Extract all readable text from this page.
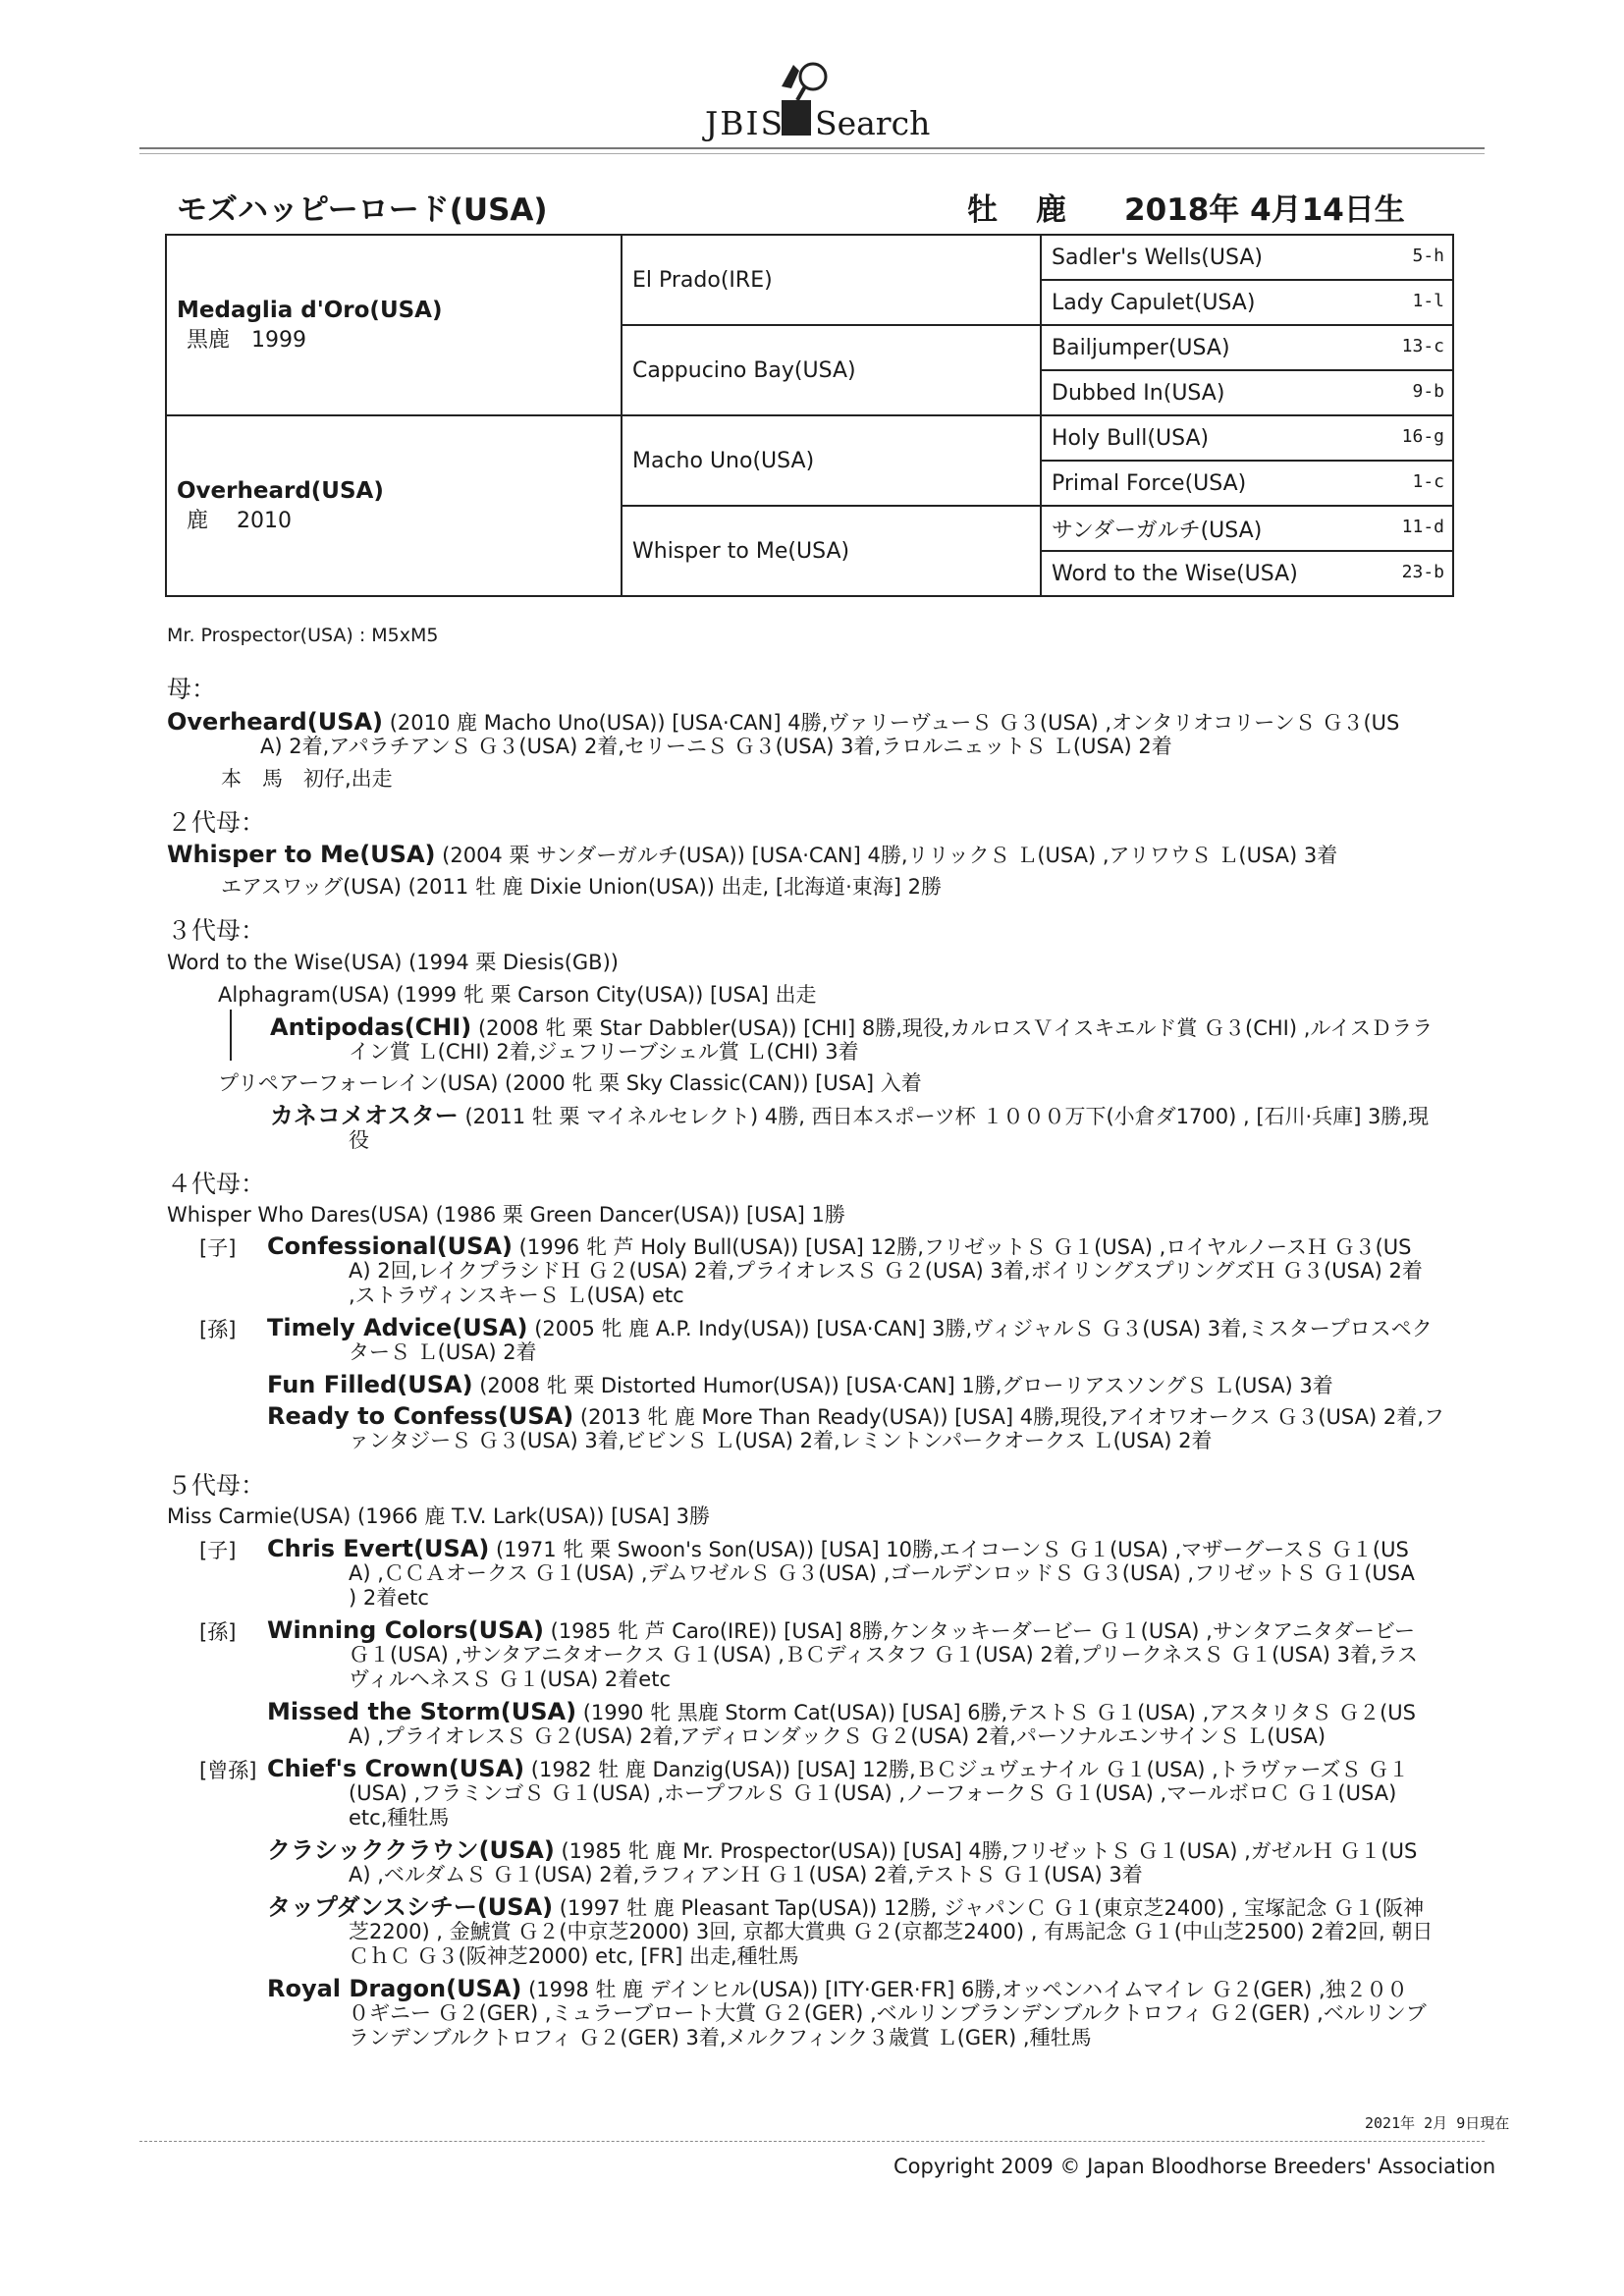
JBIS Search
モズハッピーロード(USA)	牡 鹿 2018年 4月14日生
Medaglia d'Oro(USA)
黒鹿　1999	El Prado(IRE)	Sadler's Wells(USA) 5-h

		Lady Capulet(USA) 1-l

	Cappucino Bay(USA)	Bailjumper(USA) 13-c

		Dubbed In(USA) 9-b

Overheard(USA)
鹿　 2010	Macho Uno(USA)	Holy Bull(USA) 16-g

		Primal Force(USA) 1-c

	Whisper to Me(USA)	サンダーガルチ(USA) 11-d

		Word to the Wise(USA) 23-b
Mr. Prospector(USA) : M5xM5
母：
Overheard(USA) (2010 鹿 Macho Uno(USA)) [USA·CAN] 4勝,ヴァリーヴューＳ Ｇ３(USA) ,オンタリオコリーンＳ Ｇ３(US
A) 2着,アパラチアンＳ Ｇ３(USA) 2着,セリーニＳ Ｇ３(USA) 3着,ラロルニェットＳ Ｌ(USA) 2着
本　馬　初仔,出走
２代母：
Whisper to Me(USA) (2004 栗 サンダーガルチ(USA)) [USA·CAN] 4勝,リリックＳ Ｌ(USA) ,アリワウＳ Ｌ(USA) 3着
エアスワッグ(USA) (2011 牡 鹿 Dixie Union(USA)) 出走, [北海道·東海] 2勝
３代母：
Word to the Wise(USA) (1994 栗 Diesis(GB))
Alphagram(USA) (1999 牝 栗 Carson City(USA)) [USA] 出走
Antipodas(CHI) (2008 牝 栗 Star Dabbler(USA)) [CHI] 8勝,現役,カルロスＶイスキエルド賞 Ｇ３(CHI) ,ルイスＤララ
イン賞 Ｌ(CHI) 2着,ジェフリーブシェル賞 Ｌ(CHI) 3着
プリペアーフォーレイン(USA) (2000 牝 栗 Sky Classic(CAN)) [USA] 入着
カネコメオスター (2011 牡 栗 マイネルセレクト) 4勝, 西日本スポーツ杯 １０００万下(小倉ダ1700) , [石川·兵庫] 3勝,現
役
４代母：
Whisper Who Dares(USA) (1986 栗 Green Dancer(USA)) [USA] 1勝
[子] Confessional(USA) (1996 牝 芦 Holy Bull(USA)) [USA] 12勝,フリゼットＳ Ｇ１(USA) ,ロイヤルノースＨ Ｇ３(US
A) 2回,レイクプラシドＨ Ｇ２(USA) 2着,プライオレスＳ Ｇ２(USA) 3着,ボイリングスプリングズＨ Ｇ３(USA) 2着
,ストラヴィンスキーＳ Ｌ(USA) etc
[孫] Timely Advice(USA) (2005 牝 鹿 A.P. Indy(USA)) [USA·CAN] 3勝,ヴィジャルＳ Ｇ３(USA) 3着,ミスタープロスペク
ターＳ Ｌ(USA) 2着
Fun Filled(USA) (2008 牝 栗 Distorted Humor(USA)) [USA·CAN] 1勝,グローリアスソングＳ Ｌ(USA) 3着
Ready to Confess(USA) (2013 牝 鹿 More Than Ready(USA)) [USA] 4勝,現役,アイオワオークス Ｇ３(USA) 2着,フ
ァンタジーＳ Ｇ３(USA) 3着,ビビンＳ Ｌ(USA) 2着,レミントンパークオークス Ｌ(USA) 2着
５代母：
Miss Carmie(USA) (1966 鹿 T.V. Lark(USA)) [USA] 3勝
[子] Chris Evert(USA) (1971 牝 栗 Swoon's Son(USA)) [USA] 10勝,エイコーンＳ Ｇ１(USA) ,マザーグースＳ Ｇ１(US
A) ,ＣＣＡオークス Ｇ１(USA) ,デムワゼルＳ Ｇ３(USA) ,ゴールデンロッドＳ Ｇ３(USA) ,フリゼットＳ Ｇ１(USA
) 2着etc
[孫] Winning Colors(USA) (1985 牝 芦 Caro(IRE)) [USA] 8勝,ケンタッキーダービー Ｇ１(USA) ,サンタアニタダービー
Ｇ１(USA) ,サンタアニタオークス Ｇ１(USA) ,ＢＣディスタフ Ｇ１(USA) 2着,プリークネスＳ Ｇ１(USA) 3着,ラス
ヴィルヘネスＳ Ｇ１(USA) 2着etc
Missed the Storm(USA) (1990 牝 黒鹿 Storm Cat(USA)) [USA] 6勝,テストＳ Ｇ１(USA) ,アスタリタＳ Ｇ２(US
A) ,プライオレスＳ Ｇ２(USA) 2着,アディロンダックＳ Ｇ２(USA) 2着,パーソナルエンサインＳ Ｌ(USA)
[曾孫] Chief's Crown(USA) (1982 牡 鹿 Danzig(USA)) [USA] 12勝,ＢＣジュヴェナイル Ｇ１(USA) ,トラヴァーズＳ Ｇ１
(USA) ,フラミンゴＳ Ｇ１(USA) ,ホープフルＳ Ｇ１(USA) ,ノーフォークＳ Ｇ１(USA) ,マールボロＣ Ｇ１(USA)
etc,種牡馬
クラシッククラウン(USA) (1985 牝 鹿 Mr. Prospector(USA)) [USA] 4勝,フリゼットＳ Ｇ１(USA) ,ガゼルＨ Ｇ１(US
A) ,ベルダムＳ Ｇ１(USA) 2着,ラフィアンＨ Ｇ１(USA) 2着,テストＳ Ｇ１(USA) 3着
タップダンスシチー(USA) (1997 牡 鹿 Pleasant Tap(USA)) 12勝, ジャパンＣ Ｇ１(東京芝2400) , 宝塚記念 Ｇ１(阪神
芝2200) , 金鯱賞 Ｇ２(中京芝2000) 3回, 京都大賞典 Ｇ２(京都芝2400) , 有馬記念 Ｇ１(中山芝2500) 2着2回, 朝日
ＣｈＣ Ｇ３(阪神芝2000) etc, [FR] 出走,種牡馬
Royal Dragon(USA) (1998 牡 鹿 デインヒル(USA)) [ITY·GER·FR] 6勝,オッペンハイムマイレ Ｇ２(GER) ,独２００
０ギニー Ｇ２(GER) ,ミュラーブロート大賞 Ｇ２(GER) ,ベルリンブランデンブルクトロフィ Ｇ２(GER) ,ベルリンブ
ランデンブルクトロフィ Ｇ２(GER) 3着,メルクフィンク３歳賞 Ｌ(GER) ,種牡馬
2021年 2月 9日現在
Copyright 2009 © Japan Bloodhorse Breeders' Association
